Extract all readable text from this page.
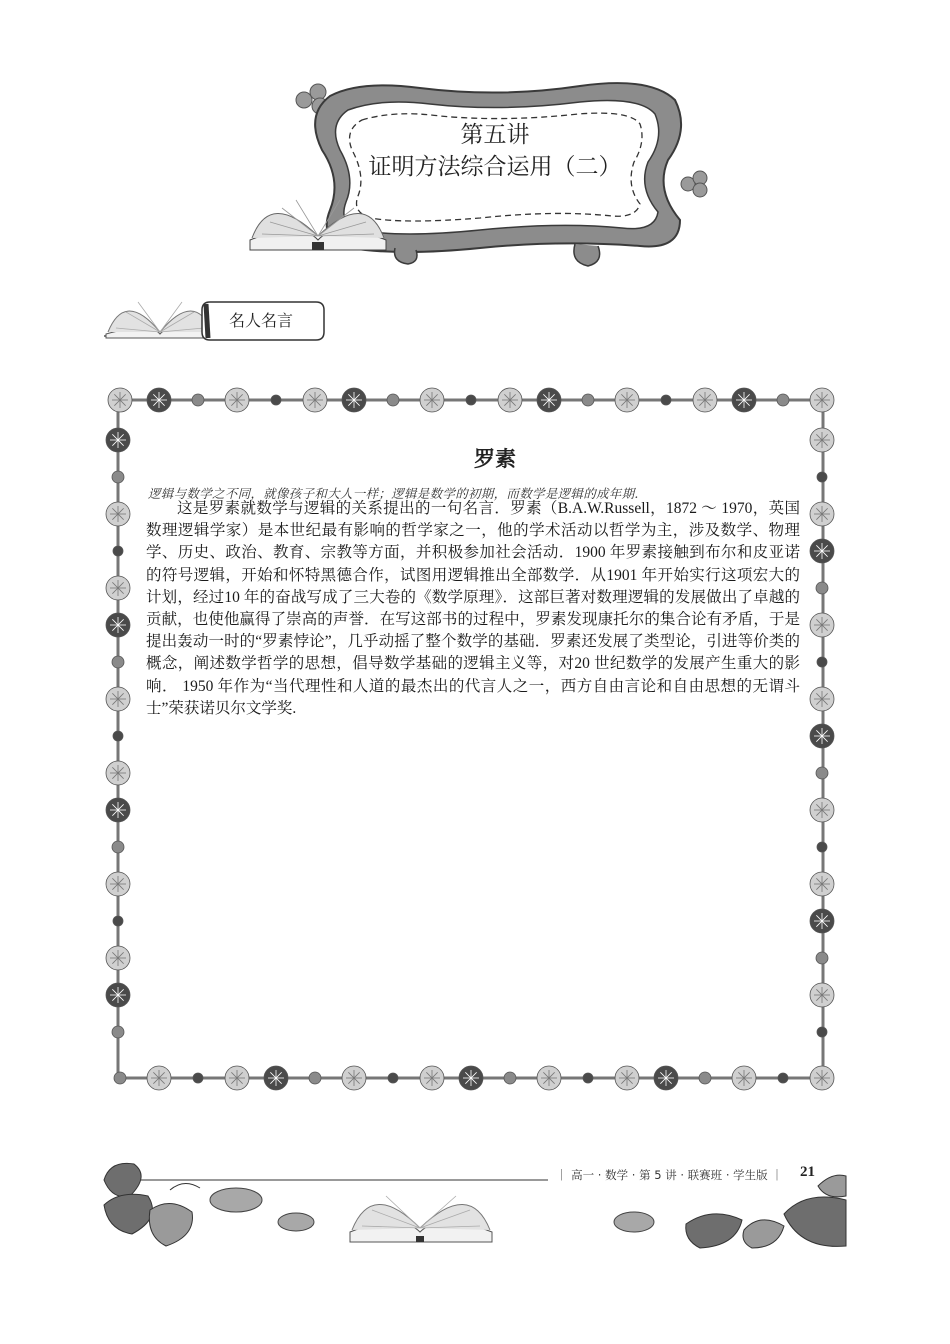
第五讲
证明方法综合运用（二）
名人名言
罗素
逻辑与数学之不同，就像孩子和大人一样；逻辑是数学的初期，而数学是逻辑的成年期.
这是罗素就数学与逻辑的关系提出的一句名言．罗素（B.A.W.Russell，1872 ～ 1970，英国数理逻辑学家）是本世纪最有影响的哲学家之一，他的学术活动以哲学为主，涉及数学、物理学、历史、政治、教育、宗教等方面，并积极参加社会活动．1900 年罗素接触到布尔和皮亚诺的符号逻辑，开始和怀特黑德合作，试图用逻辑推出全部数学．从1901 年开始实行这项宏大的计划，经过10 年的奋战写成了三大卷的《数学原理》．这部巨著对数理逻辑的发展做出了卓越的贡献，也使他赢得了崇高的声誉．在写这部书的过程中，罗素发现康托尔的集合论有矛盾，于是提出轰动一时的“罗素悖论”，几乎动摇了整个数学的基础．罗素还发展了类型论，引进等价类的概念，阐述数学哲学的思想，倡导数学基础的逻辑主义等，对20 世纪数学的发展产生重大的影响． 1950 年作为“当代理性和人道的最杰出的代言人之一，西方自由言论和自由思想的无谓斗士”荣获诺贝尔文学奖.
｜ 高一 · 数学 · 第 5 讲 · 联赛班 · 学生版 ｜	21
